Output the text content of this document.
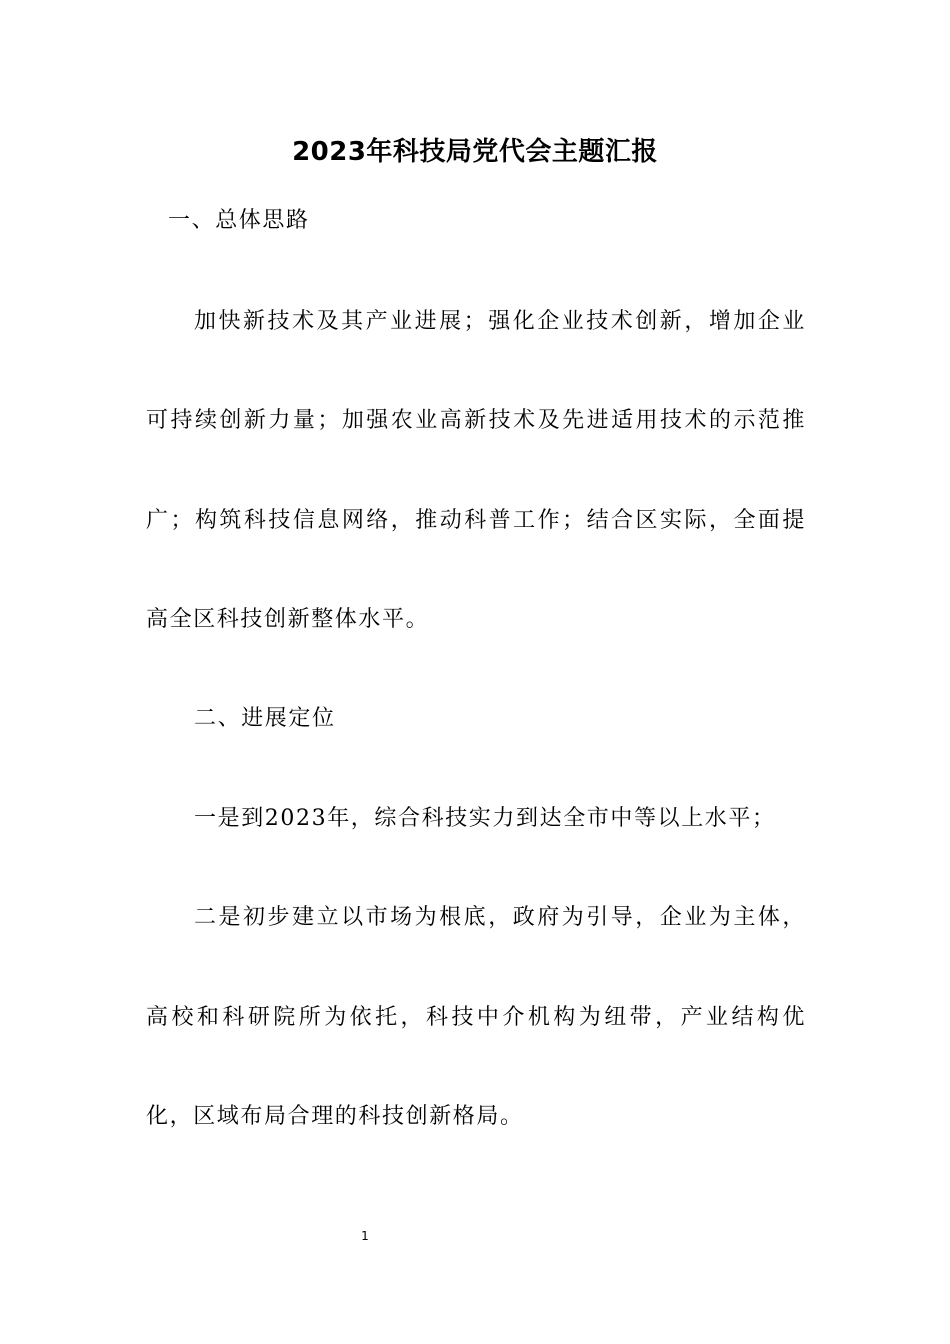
2023年科技局党代会主题汇报
一、总体思路
加快新技术及其产业进展；强化企业技术创新，增加企业
可持续创新力量；加强农业高新技术及先进适用技术的示范推
广；构筑科技信息网络，推动科普工作；结合区实际，全面提
高全区科技创新整体水平。
二、进展定位
一是到2023年，综合科技实力到达全市中等以上水平；
二是初步建立以市场为根底，政府为引导，企业为主体，
高校和科研院所为依托，科技中介机构为纽带，产业结构优
化，区域布局合理的科技创新格局。
1
